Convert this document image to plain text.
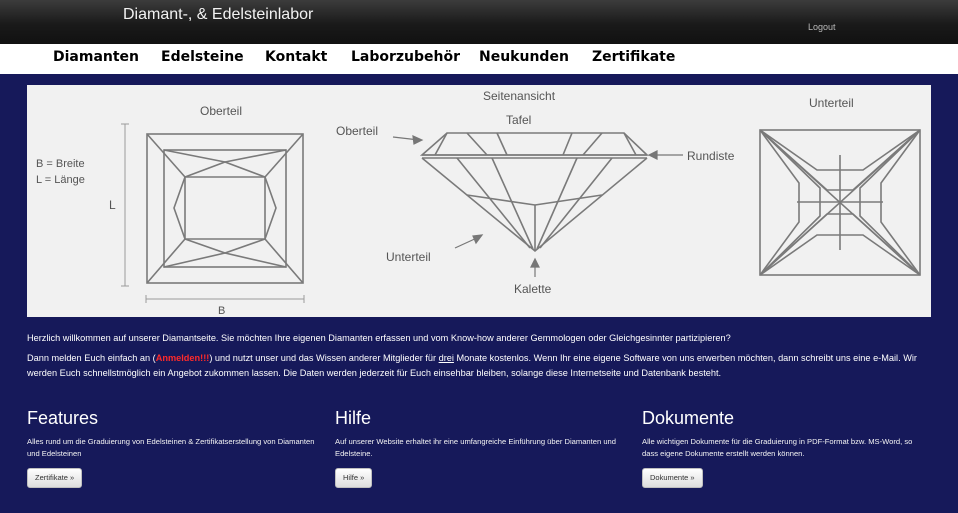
Diamant-, & Edelsteinlabor
Logout
Diamanten Edelsteine Kontakt Laborzubehör Neukunden Zertifikate
Oberteil
B = Breite
L = Länge
L
B
Seitenansicht
Tafel
Oberteil
Rundiste
Unterteil
Kalette
Unterteil
Herzlich willkommen auf unserer Diamantseite. Sie möchten Ihre eigenen Diamanten erfassen und vom Know-how anderer Gemmologen oder Gleichgesinnter partizipieren?
Dann melden Euch einfach an (Anmelden!!!) und nutzt unser und das Wissen anderer Mitglieder für drei Monate kostenlos. Wenn Ihr eine eigene Software von uns erwerben möchten, dann schreibt uns eine e-Mail. Wir werden Euch schnellstmöglich ein Angebot zukommen lassen. Die Daten werden jederzeit für Euch einsehbar bleiben, solange diese Internetseite und Datenbank besteht.
Features

Alles rund um die Graduierung von Edelsteinen & Zertifikatserstellung von Diamanten und Edelsteinen

Zertifikate »
Hilfe

Auf unserer Website erhaltet ihr eine umfangreiche Einführung über Diamanten und Edelsteine.

Hilfe »
Dokumente

Alle wichtigen Dokumente für die Graduierung in PDF-Format bzw. MS-Word, so dass eigene Dokumente erstellt werden können.

Dokumente »
